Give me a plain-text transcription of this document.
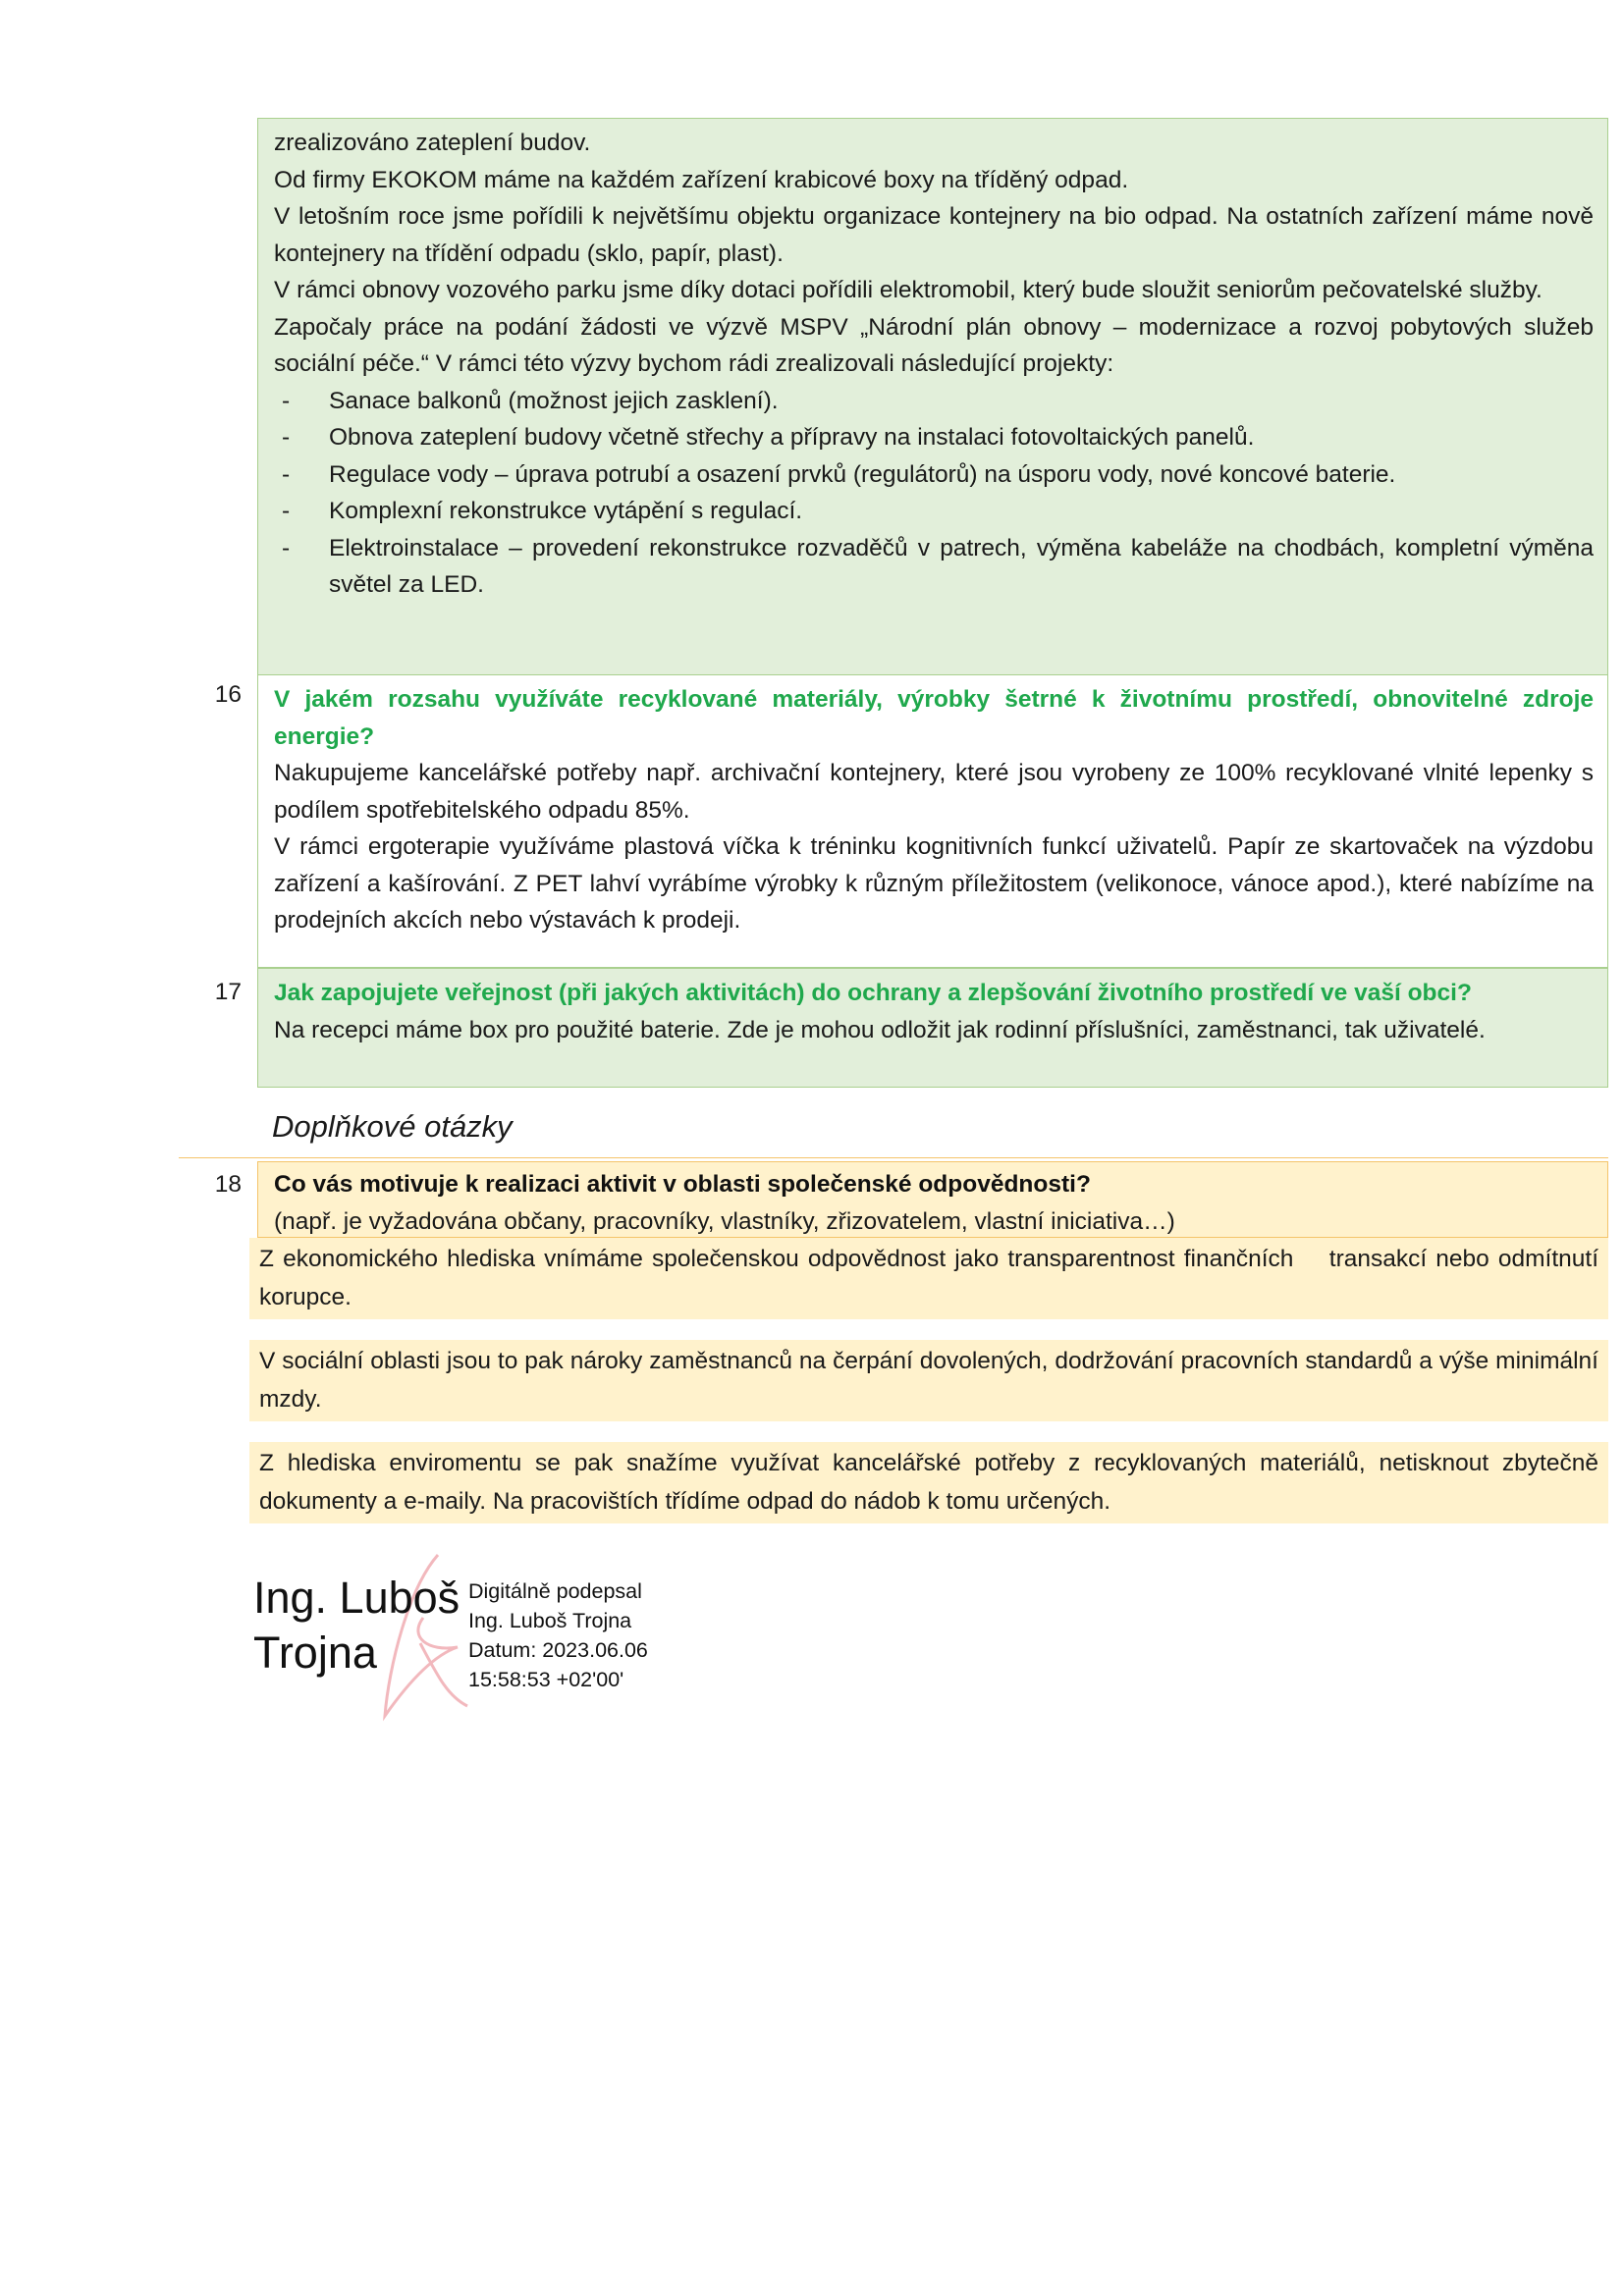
zrealizováno zateplení budov.

Od firmy EKOKOM máme na každém zařízení krabicové boxy na tříděný odpad.

V letošním roce jsme pořídili k největšímu objektu organizace kontejnery na bio odpad. Na ostatních zařízení máme nově kontejnery na třídění odpadu (sklo, papír, plast).

V rámci obnovy vozového parku jsme díky dotaci pořídili elektromobil, který bude sloužit seniorům pečovatelské služby.

Započaly práce na podání žádosti ve výzvě MSPV „Národní plán obnovy – modernizace a rozvoj pobytových služeb sociální péče.“ V rámci této výzvy bychom rádi zrealizovali následující projekty:

- Sanace balkonů (možnost jejich zasklení).
- Obnova zateplení budovy včetně střechy a přípravy na instalaci fotovoltaických panelů.
- Regulace vody – úprava potrubí a osazení prvků (regulátorů) na úsporu vody, nové koncové baterie.
- Komplexní rekonstrukce vytápění s regulací.
- Elektroinstalace – provedení rekonstrukce rozvaděčů v patrech, výměna kabeláže na chodbách, kompletní výměna světel za LED.
16 V jakém rozsahu využíváte recyklované materiály, výrobky šetrné k životnímu prostředí, obnovitelné zdroje energie?

Nakupujeme kancelářské potřeby např. archivační kontejnery, které jsou vyrobeny ze 100% recyklované vlnité lepenky s podílem spotřebitelského odpadu 85%.

V rámci ergoterapie využíváme plastová víčka k tréninku kognitivních funkcí uživatelů. Papír ze skartovaček na výzdobu zařízení a kašírování. Z PET lahví vyrábíme výrobky k různým příležitostem (velikonoce, vánoce apod.), které nabízíme na prodejních akcích nebo výstavách k prodeji.

17 Jak zapojujete veřejnost (při jakých aktivitách) do ochrany a zlepšování životního prostředí ve vaší obci?

Na recepci máme box pro použité baterie. Zde je mohou odložit jak rodinní příslušníci, zaměstnanci, tak uživatelé.

Doplňkové otázky
18 Co vás motivuje k realizaci aktivit v oblasti společenské odpovědnosti?

(např. je vyžadována občany, pracovníky, vlastníky, zřizovatelem, vlastní iniciativa…)

Z ekonomického hlediska vnímáme společenskou odpovědnost jako transparentnost finančních    transakcí nebo odmítnutí korupce.

V sociální oblasti jsou to pak nároky zaměstnanců na čerpání dovolených, dodržování pracovních standardů a výše minimální mzdy.

Z hlediska enviromentu se pak snažíme využívat kancelářské potřeby z recyklovaných materiálů, netisknout zbytečně dokumenty a e-maily. Na pracovištích třídíme odpad do nádob k tomu určených.

Ing. Luboš
Trojna
Digitálně podepsal
Ing. Luboš Trojna
Datum: 2023.06.06
15:58:53 +02'00'
